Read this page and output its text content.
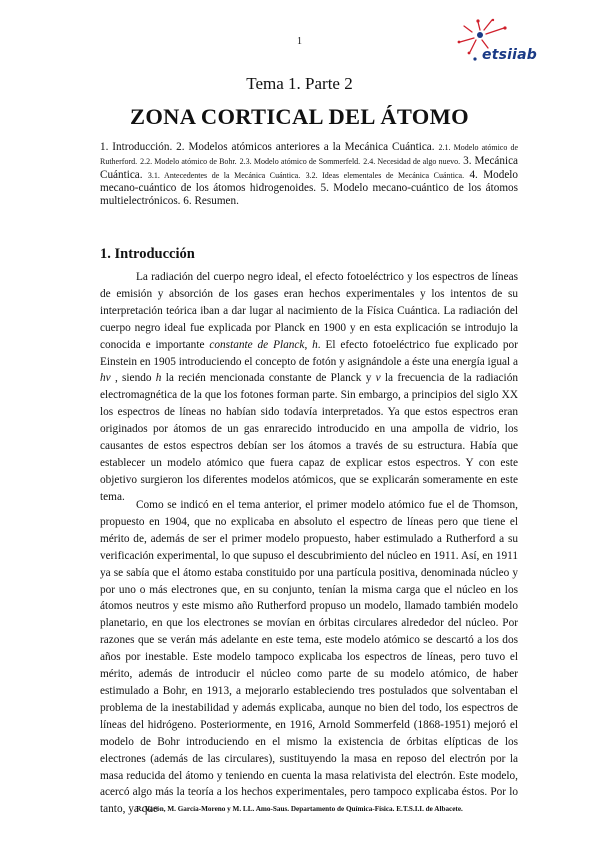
1
etsiiab
Tema 1. Parte 2
ZONA CORTICAL DEL ÁTOMO
1. Introducción. 2. Modelos atómicos anteriores a la Mecánica Cuántica. 2.1. Modelo atómico de Rutherford. 2.2. Modelo atómico de Bohr. 2.3. Modelo atómico de Sommerfeld. 2.4. Necesidad de algo nuevo. 3. Mecánica Cuántica. 3.1. Antecedentes de la Mecánica Cuántica. 3.2. Ideas elementales de Mecánica Cuántica. 4. Modelo mecano-cuántico de los átomos hidrogenoides. 5. Modelo mecano-cuántico de los átomos multielectrónicos. 6. Resumen.
1. Introducción
La radiación del cuerpo negro ideal, el efecto fotoeléctrico y los espectros de líneas de emisión y absorción de los gases eran hechos experimentales y los intentos de su interpretación teórica iban a dar lugar al nacimiento de la Física Cuántica. La radiación del cuerpo negro ideal fue explicada por Planck en 1900 y en esta explicación se introdujo la conocida e importante constante de Planck, h. El efecto fotoeléctrico fue explicado por Einstein en 1905 introduciendo el concepto de fotón y asignándole a éste una energía igual a hν , siendo h la recién mencionada constante de Planck y ν la frecuencia de la radiación electromagnética de la que los fotones forman parte. Sin embargo, a principios del siglo XX los espectros de líneas no habían sido todavía interpretados. Ya que estos espectros eran originados por átomos de un gas enrarecido introducido en una ampolla de vidrio, los causantes de estos espectros debían ser los átomos a través de su estructura. Había que establecer un modelo atómico que fuera capaz de explicar estos espectros. Y con este objetivo surgieron los diferentes modelos atómicos, que se explicarán someramente en este tema.
Como se indicó en el tema anterior, el primer modelo atómico fue el de Thomson, propuesto en 1904, que no explicaba en absoluto el espectro de líneas pero que tiene el mérito de, además de ser el primer modelo propuesto, haber estimulado a Rutherford a su verificación experimental, lo que supuso el descubrimiento del núcleo en 1911. Así, en 1911 ya se sabía que el átomo estaba constituido por una partícula positiva, denominada núcleo y por uno o más electrones que, en su conjunto, tenían la misma carga que el núcleo en los átomos neutros y este mismo año Rutherford propuso un modelo, llamado también modelo planetario, en que los electrones se movían en órbitas circulares alrededor del núcleo. Por razones que se verán más adelante en este tema, este modelo atómico se descartó a los dos años por inestable. Este modelo tampoco explicaba los espectros de líneas, pero tuvo el mérito, además de introducir el núcleo como parte de su modelo atómico, de haber estimulado a Bohr, en 1913, a mejorarlo estableciendo tres postulados que solventaban el problema de la inestabilidad y además explicaba, aunque no bien del todo, los espectros de líneas del hidrógeno. Posteriormente, en 1916, Arnold Sommerfeld (1868-1951) mejoró el modelo de Bohr introduciendo en el mismo la existencia de órbitas elípticas de los electrones (además de las circulares), sustituyendo la masa en reposo del electrón por la masa reducida del átomo y teniendo en cuenta la masa relativista del electrón. Este modelo, acercó algo más la teoría a los hechos experimentales, pero tampoco explicaba éstos. Por lo tanto, ya que
R. Varón, M. García-Moreno y M. LL. Amo-Saus. Departamento de Química-Física. E.T.S.I.I. de Albacete.
